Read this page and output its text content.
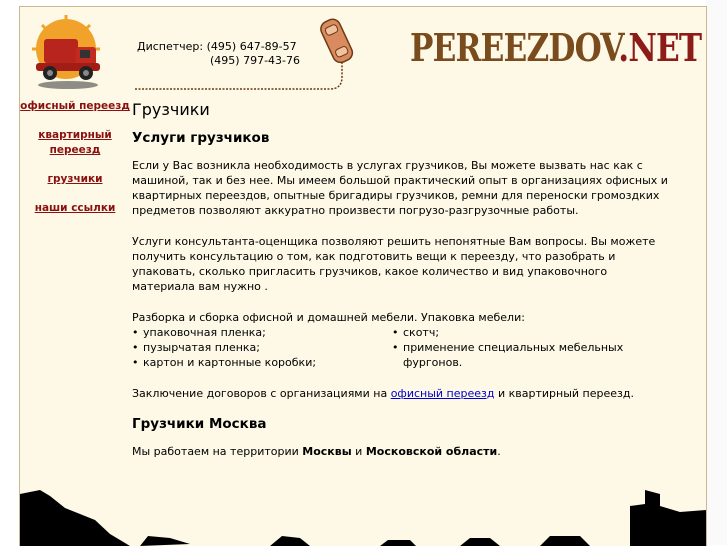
Диспетчер: (495) 647-89-57
(495) 797-43-76	PEREEZDOV.NET
офисный переезд
квартирный переезд
грузчики
наши ссылки
Грузчики
Услуги грузчиков

Если у Вас возникла необходимость в услугах грузчиков, Вы можете вызвать нас как с машиной, так и без нее. Мы имеем большой практический опыт в организациях офисных и квартирных переездов, опытные бригадиры грузчиков, ремни для переноски громоздких предметов позволяют аккуратно произвести погрузо-разгрузочные работы.

Услуги консультанта-оценщика позволяют решить непонятные Вам вопросы. Вы можете получить консультацию о том, как подготовить вещи к переезду, что разобрать и упаковать, сколько пригласить грузчиков, какое количество и вид упаковочного материала вам нужно .

Разборка и сборка офисной и домашней мебели. Упаковка мебели:

• упаковочная пленка;
• пузырчатая пленка;
• картон и картонные коробки;
• скотч;
• применение специальных мебельных фургонов.

Заключение договоров с организациями на офисный переезд и квартирный переезд.

Грузчики Москва

Мы работаем на территории Москвы и Московской области.
